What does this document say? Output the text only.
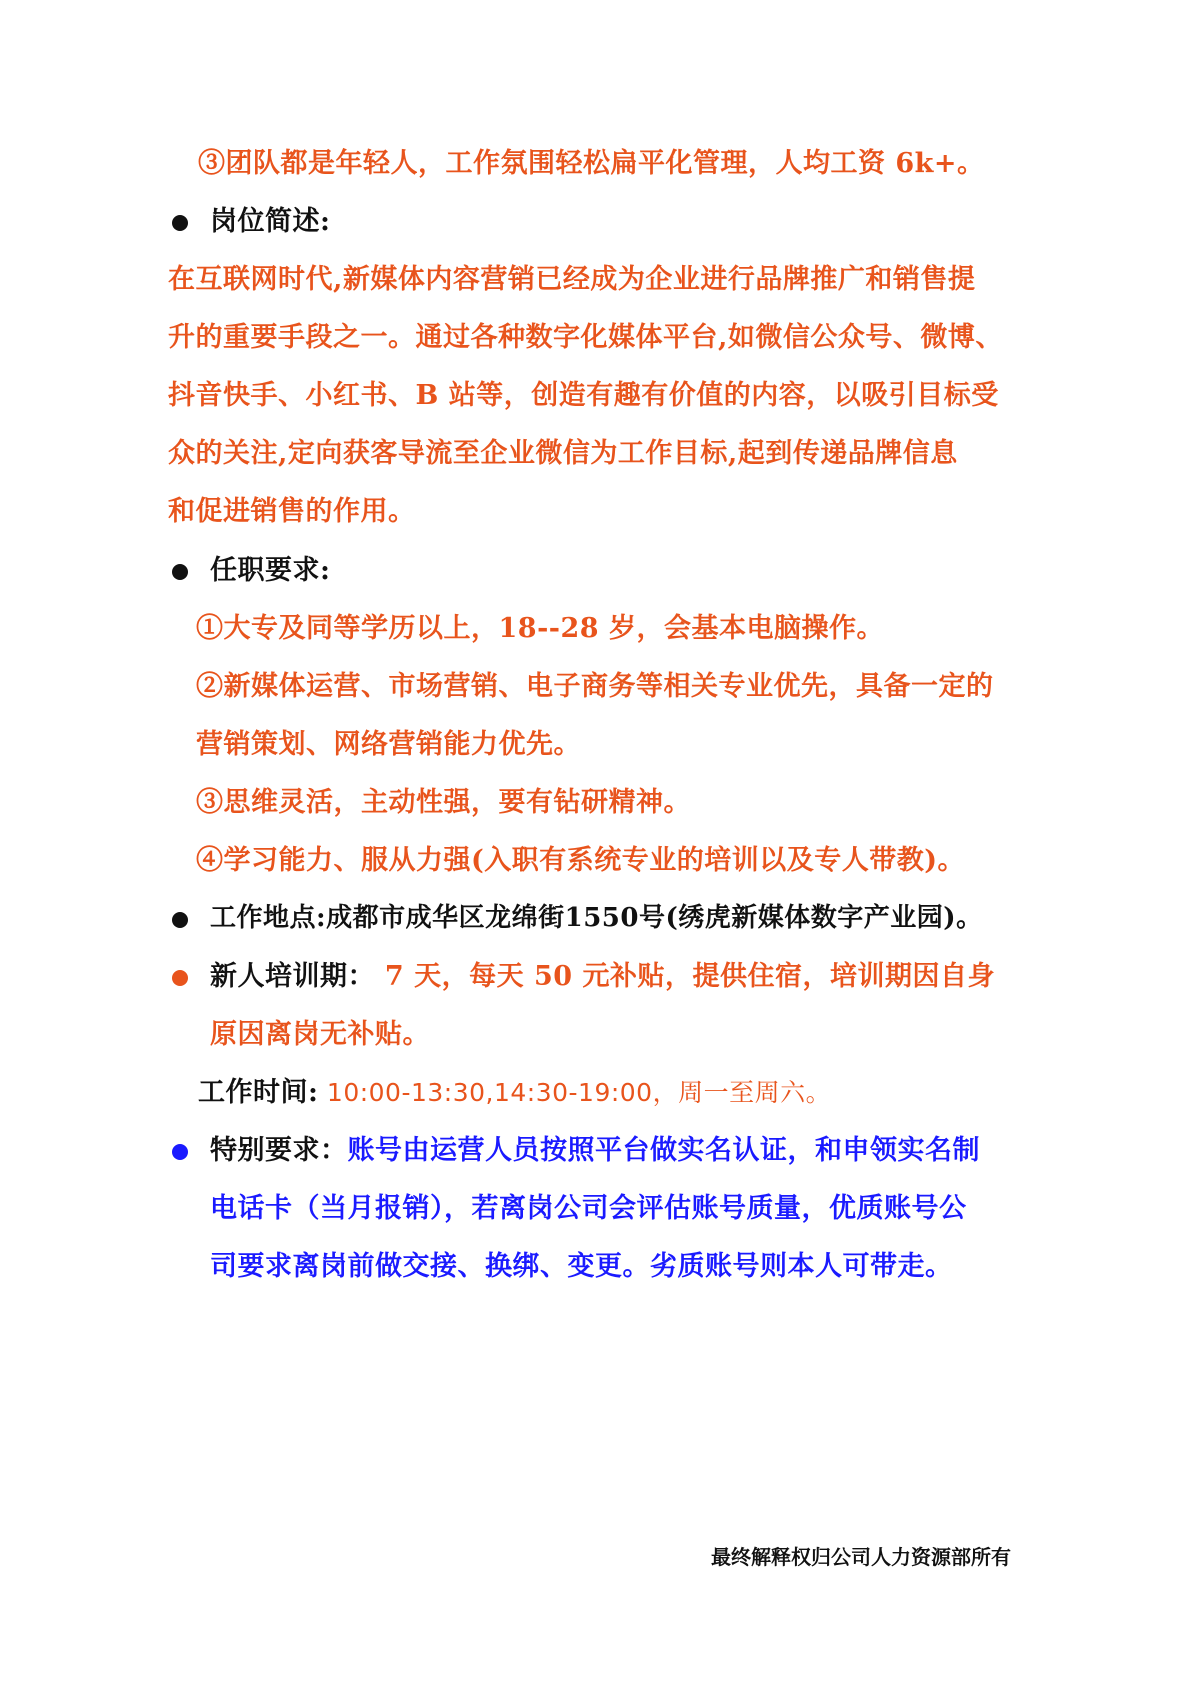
③团队都是年轻人，工作氛围轻松扁平化管理，人均工资 6k+。
岗位简述:
在互联网时代,新媒体内容营销已经成为企业进行品牌推广和销售提
升的重要手段之一。通过各种数字化媒体平台,如微信公众号、微博、
抖音快手、小红书、B 站等，创造有趣有价值的内容，以吸引目标受
众的关注,定向获客导流至企业微信为工作目标,起到传递品牌信息
和促进销售的作用。
任职要求:
①大专及同等学历以上，18--28 岁，会基本电脑操作。
②新媒体运营、市场营销、电子商务等相关专业优先，具备一定的
营销策划、网络营销能力优先。
③思维灵活，主动性强，要有钻研精神。
④学习能力、服从力强(入职有系统专业的培训以及专人带教)。
工作地点:成都市成华区龙绵街1550号(绣虎新媒体数字产业园)。
新人培训期： 7 天，每天 50 元补贴，提供住宿，培训期因自身
原因离岗无补贴。
工作时间: 10:00-13:30,14:30-19:00，周一至周六。
特别要求：账号由运营人员按照平台做实名认证，和申领实名制
电话卡（当月报销），若离岗公司会评估账号质量，优质账号公
司要求离岗前做交接、换绑、变更。劣质账号则本人可带走。
最终解释权归公司人力资源部所有
